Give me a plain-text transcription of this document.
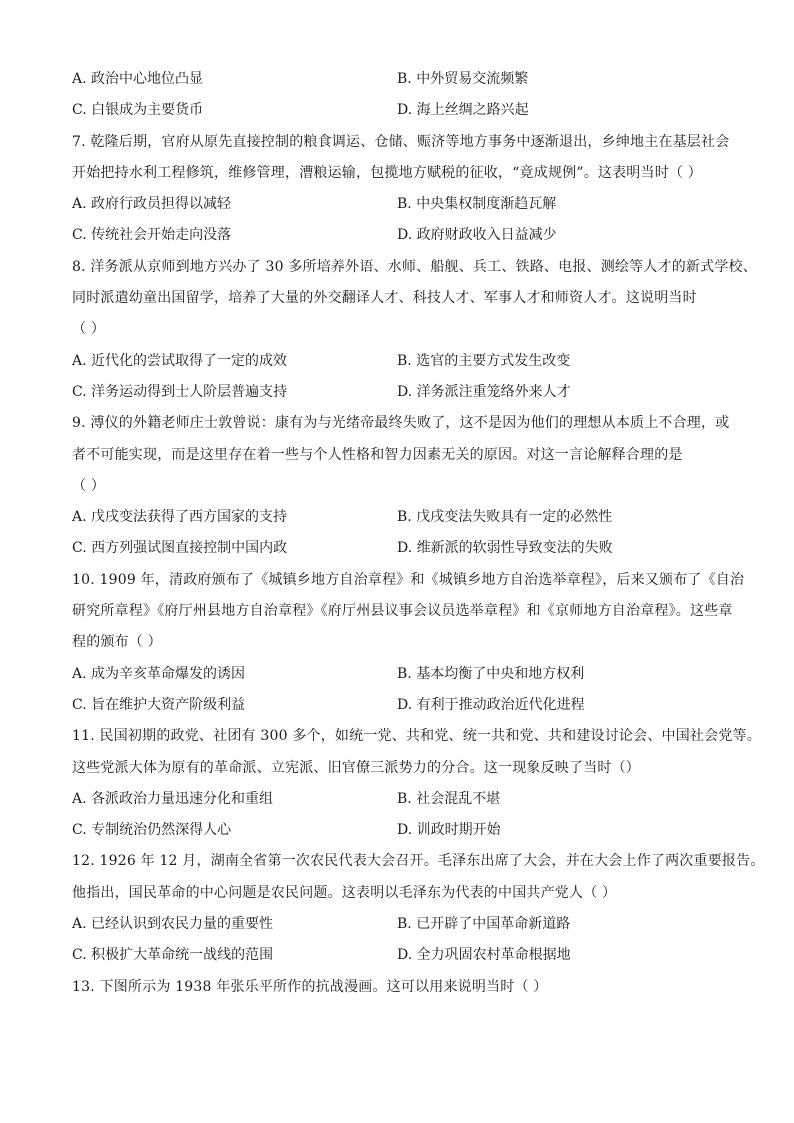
A. 政治中心地位凸显	B. 中外贸易交流频繁
C. 白银成为主要货币	D. 海上丝绸之路兴起
7. 乾隆后期，官府从原先直接控制的粮食调运、仓储、赈济等地方事务中逐渐退出，乡绅地主在基层社会
开始把持水利工程修筑，维修管理，漕粮运输，包揽地方赋税的征收，“竟成规例”。这表明当时（ ）
A. 政府行政员担得以减轻	B. 中央集权制度渐趋瓦解
C. 传统社会开始走向没落	D. 政府财政收入日益减少
8. 洋务派从京师到地方兴办了 30 多所培养外语、水师、船舰、兵工、铁路、电报、测绘等人才的新式学校、
同时派遣幼童出国留学，培养了大量的外交翻译人才、科技人才、军事人才和师资人才。这说明当时
（ ）
A. 近代化的尝试取得了一定的成效	B. 选官的主要方式发生改变
C. 洋务运动得到士人阶层普遍支持	D. 洋务派注重笼络外来人才
9. 溥仪的外籍老师庄士敦曾说：康有为与光绪帝最终失败了，这不是因为他们的理想从本质上不合理，或
者不可能实现，而是这里存在着一些与个人性格和智力因素无关的原因。对这一言论解释合理的是
（ ）
A. 戊戌变法获得了西方国家的支持	B. 戊戌变法失败具有一定的必然性
C. 西方列强试图直接控制中国内政	D. 维新派的软弱性导致变法的失败
10. 1909 年，清政府颁布了《城镇乡地方自治章程》和《城镇乡地方自治选举章程》，后来又颁布了《自治
研究所章程》《府厅州县地方自治章程》《府厅州县议事会议员选举章程》和《京师地方自治章程》。这些章
程的颁布（ ）
A. 成为辛亥革命爆发的诱因	B. 基本均衡了中央和地方权利
C. 旨在维护大资产阶级利益	D. 有利于推动政治近代化进程
11. 民国初期的政党、社团有 300 多个，如统一党、共和党、统一共和党、共和建设讨论会、中国社会党等。
这些党派大体为原有的革命派、立宪派、旧官僚三派势力的分合。这一现象反映了当时（）
A. 各派政治力量迅速分化和重组	B. 社会混乱不堪
C. 专制统治仍然深得人心	D. 训政时期开始
12. 1926 年 12 月，湖南全省第一次农民代表大会召开。毛泽东出席了大会，并在大会上作了两次重要报告。
他指出，国民革命的中心问题是农民问题。这表明以毛泽东为代表的中国共产党人（ ）
A. 已经认识到农民力量的重要性	B. 已开辟了中国革命新道路
C. 积极扩大革命统一战线的范围	D. 全力巩固农村革命根据地
13. 下图所示为 1938 年张乐平所作的抗战漫画。这可以用来说明当时（ ）
